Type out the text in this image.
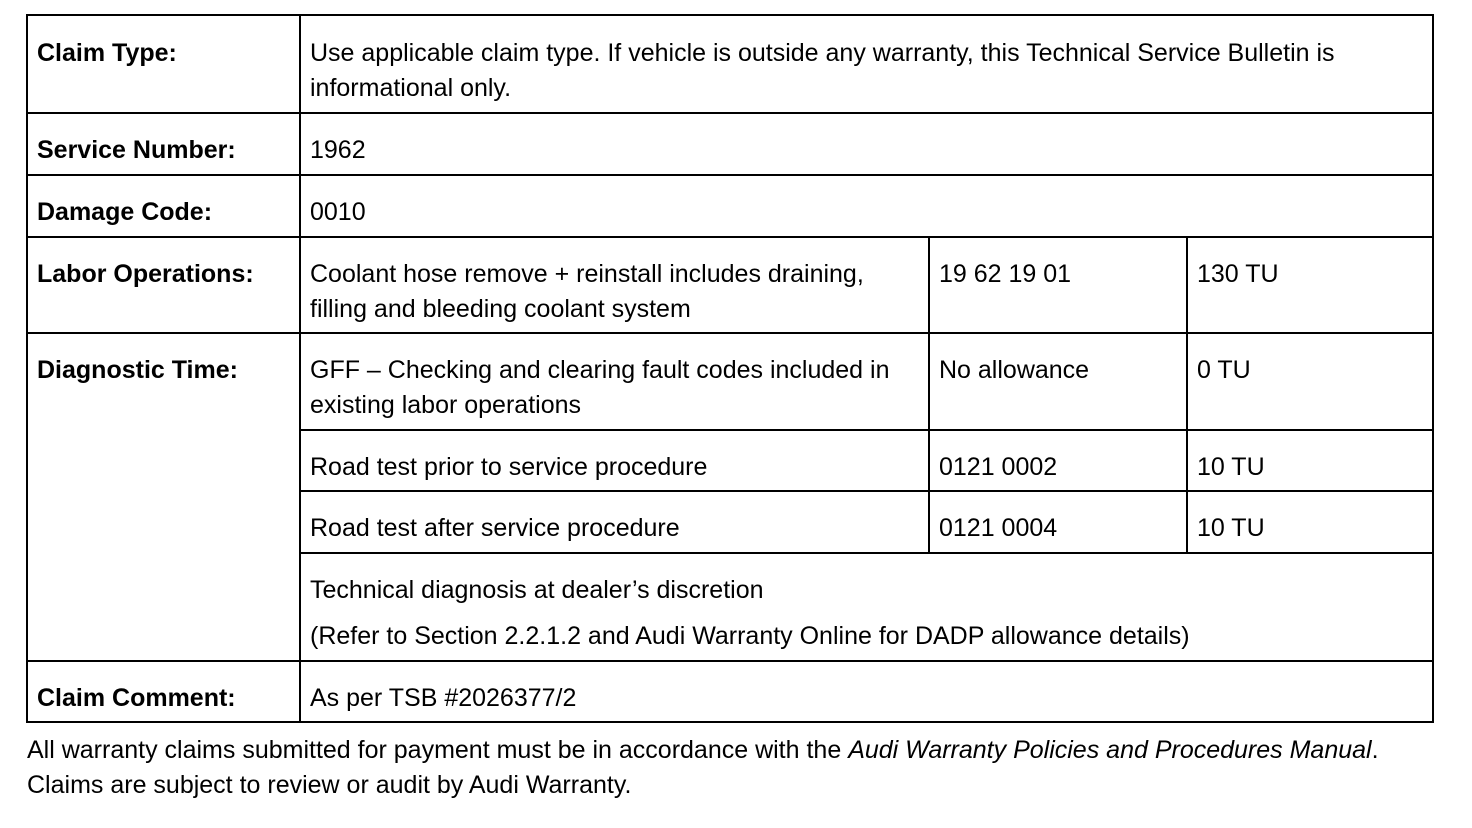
Claim Type:	Use applicable claim type. If vehicle is outside any warranty, this Technical Service Bulletin is informational only.		
Service Number:	1962		
Damage Code:	0010		
Labor Operations:	Coolant hose remove + reinstall includes draining, filling and bleeding coolant system	19 62 19 01	130 TU
Diagnostic Time:	GFF – Checking and clearing fault codes included in existing labor operations	No allowance	0 TU
	Road test prior to service procedure	0121 0002	10 TU
	Road test after service procedure	0121 0004	10 TU

	Technical diagnosis at dealer’s discretion
(Refer to Section 2.2.1.2 and Audi Warranty Online for DADP allowance details)		

Claim Comment:	As per TSB #2026377/2		
All warranty claims submitted for payment must be in accordance with the Audi Warranty Policies and Procedures Manual. Claims are subject to review or audit by Audi Warranty.
